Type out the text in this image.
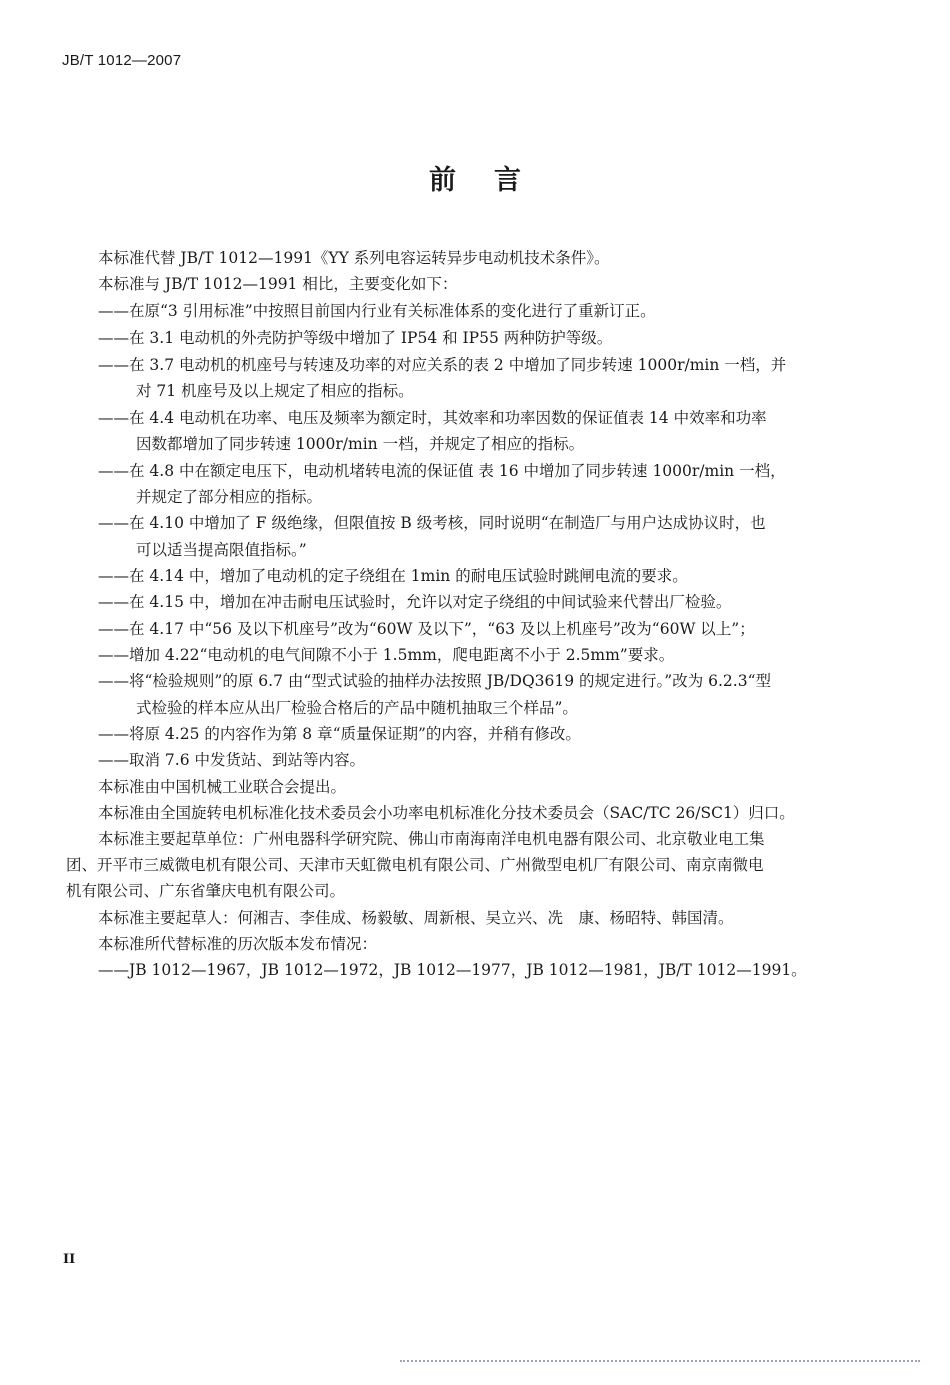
JB/T 1012—2007
前言
本标准代替 JB/T 1012—1991《YY 系列电容运转异步电动机技术条件》。
本标准与 JB/T 1012—1991 相比，主要变化如下：
——在原“3 引用标准”中按照目前国内行业有关标准体系的变化进行了重新订正。
——在 3.1 电动机的外壳防护等级中增加了 IP54 和 IP55 两种防护等级。
——在 3.7 电动机的机座号与转速及功率的对应关系的表 2 中增加了同步转速 1000r/min 一档，并
对 71 机座号及以上规定了相应的指标。
——在 4.4 电动机在功率、电压及频率为额定时，其效率和功率因数的保证值表 14 中效率和功率
因数都增加了同步转速 1000r/min 一档，并规定了相应的指标。
——在 4.8 中在额定电压下，电动机堵转电流的保证值 表 16 中增加了同步转速 1000r/min 一档，
并规定了部分相应的指标。
——在 4.10 中增加了 F 级绝缘，但限值按 B 级考核，同时说明“在制造厂与用户达成协议时，也
可以适当提高限值指标。”
——在 4.14 中，增加了电动机的定子绕组在 1min 的耐电压试验时跳闸电流的要求。
——在 4.15 中，增加在冲击耐电压试验时，允许以对定子绕组的中间试验来代替出厂检验。
——在 4.17 中“56 及以下机座号”改为“60W 及以下”，“63 及以上机座号”改为“60W 以上”；
——增加 4.22“电动机的电气间隙不小于 1.5mm，爬电距离不小于 2.5mm”要求。
——将“检验规则”的原 6.7 由“型式试验的抽样办法按照 JB/DQ3619 的规定进行。”改为 6.2.3“型
式检验的样本应从出厂检验合格后的产品中随机抽取三个样品”。
——将原 4.25 的内容作为第 8 章“质量保证期”的内容，并稍有修改。
——取消 7.6 中发货站、到站等内容。
本标准由中国机械工业联合会提出。
本标准由全国旋转电机标准化技术委员会小功率电机标准化分技术委员会（SAC/TC 26/SC1）归口。
本标准主要起草单位：广州电器科学研究院、佛山市南海南洋电机电器有限公司、北京敬业电工集
团、开平市三威微电机有限公司、天津市天虹微电机有限公司、广州微型电机厂有限公司、南京南微电
机有限公司、广东省肇庆电机有限公司。
本标准主要起草人：何湘吉、李佳成、杨毅敏、周新根、吴立兴、冼　康、杨昭特、韩国清。
本标准所代替标准的历次版本发布情况：
——JB 1012—1967，JB 1012—1972，JB 1012—1977，JB 1012—1981，JB/T 1012—1991。
II
